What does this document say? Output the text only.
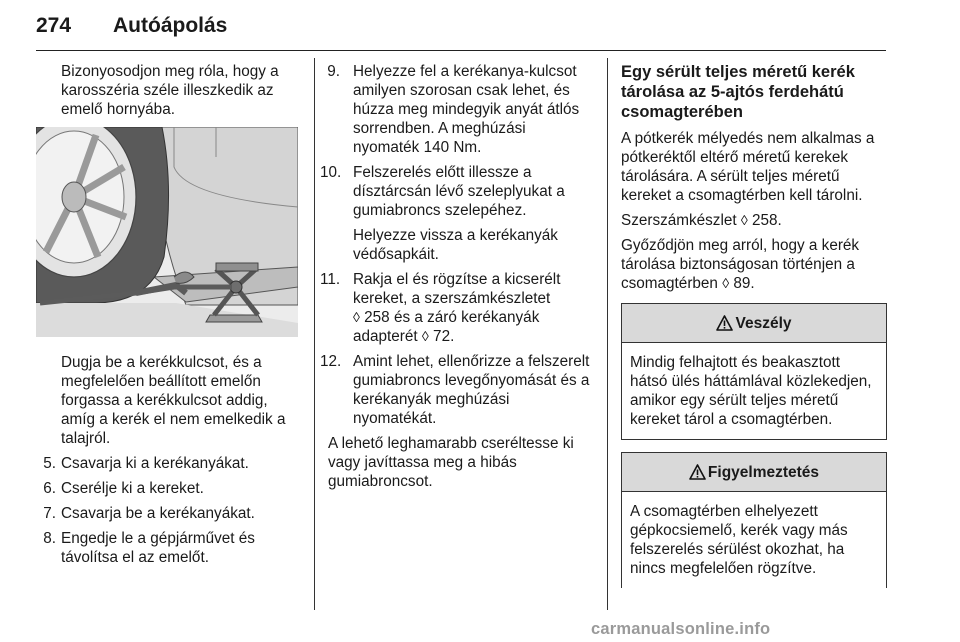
274 Autóápolás

Bizonyosodjon meg róla, hogy a karosszéria széle illeszkedik az emelő hornyába.

Dugja be a kerékkulcsot, és a megfelelően beállított emelőn forgassa a kerékkulcsot addig, amíg a kerék el nem emelkedik a talajról.

5. Csavarja ki a kerékanyákat.
6. Cserélje ki a kereket.
7. Csavarja be a kerékanyákat.
8. Engedje le a gépjárművet és távolítsa el az emelőt.
9. Helyezze fel a kerékanya-kulcsot amilyen szorosan csak lehet, és húzza meg mindegyik anyát átlós sorrendben. A meghúzási nyomaték 140 Nm.
10. Felszerelés előtt illessze a dísztárcsán lévő szeleplyukat a gumiabroncs szelepéhez.
Helyezze vissza a kerékanyák védősapkáit.
11. Rakja el és rögzítse a kicserélt kereket, a szerszámkészletet
◊ 258 és a záró kerékanyák adapterét ◊ 72.
12. Amint lehet, ellenőrizze a felszerelt gumiabroncs levegőnyomását és a kerékanyák meghúzási nyomatékát.

A lehető leghamarabb cseréltesse ki vagy javíttassa meg a hibás gumiabroncsot.

Egy sérült teljes méretű kerék tárolása az 5-ajtós ferdehátú csomagterében

A pótkerék mélyedés nem alkalmas a pótkeréktől eltérő méretű kerekek tárolására. A sérült teljes méretű kereket a csomagtérben kell tárolni.

Szerszámkészlet ◊ 258.

Győződjön meg arról, hogy a kerék tárolása biztonságosan történjen a csomagtérben ◊ 89.

Veszély
Mindig felhajtott és beakasztott hátsó ülés háttámlával közlekedjen, amikor egy sérült teljes méretű kereket tárol a csomagtérben.
Figyelmeztetés
A csomagtérben elhelyezett gépkocsiemelő, kerék vagy más felszerelés sérülést okozhat, ha nincs megfelelően rögzítve.
carmanualsonline.info
